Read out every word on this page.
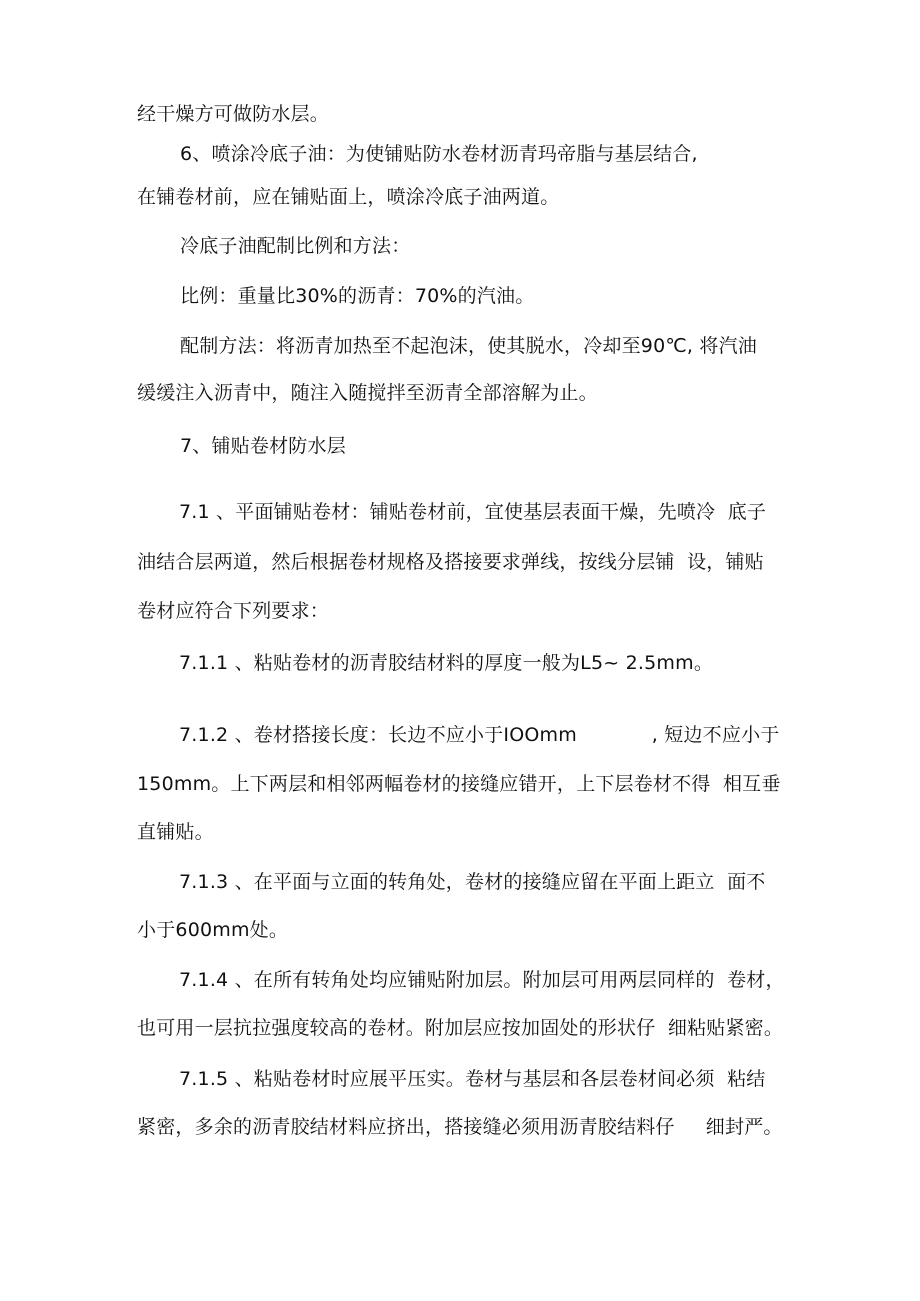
经干燥方可做防水层。

6、喷涂冷底子油：为使铺贴防水卷材沥青玛帝脂与基层结合,

在铺卷材前，应在铺贴面上，喷涂冷底子油两道。

冷底子油配制比例和方法：

比例：重量比30%的沥青：70%的汽油。

配制方法：将沥青加热至不起泡沫，使其脱水，冷却至90℃, 将汽油

缓缓注入沥青中，随注入随搅拌至沥青全部溶解为止。

7、铺贴卷材防水层

7.1 、平面铺贴卷材：铺贴卷材前，宜使基层表面干燥，先喷冷  底子

油结合层两道，然后根据卷材规格及搭接要求弹线，按线分层铺  设，铺贴

卷材应符合下列要求：

7.1.1 、粘贴卷材的沥青胶结材料的厚度一般为L5~ 2.5mm。

7.1.2 、卷材搭接长度：长边不应小于IOOmm            , 短边不应小于

150mm。上下两层和相邻两幅卷材的接缝应错开，上下层卷材不得  相互垂

直铺贴。

7.1.3 、在平面与立面的转角处，卷材的接缝应留在平面上距立  面不

小于600mm处。

7.1.4 、在所有转角处均应铺贴附加层。附加层可用两层同样的  卷材，

也可用一层抗拉强度较高的卷材。附加层应按加固处的形状仔  细粘贴紧密。

7.1.5 、粘贴卷材时应展平压实。卷材与基层和各层卷材间必须  粘结

紧密，多余的沥青胶结材料应挤出，搭接缝必须用沥青胶结料仔     细封严。
